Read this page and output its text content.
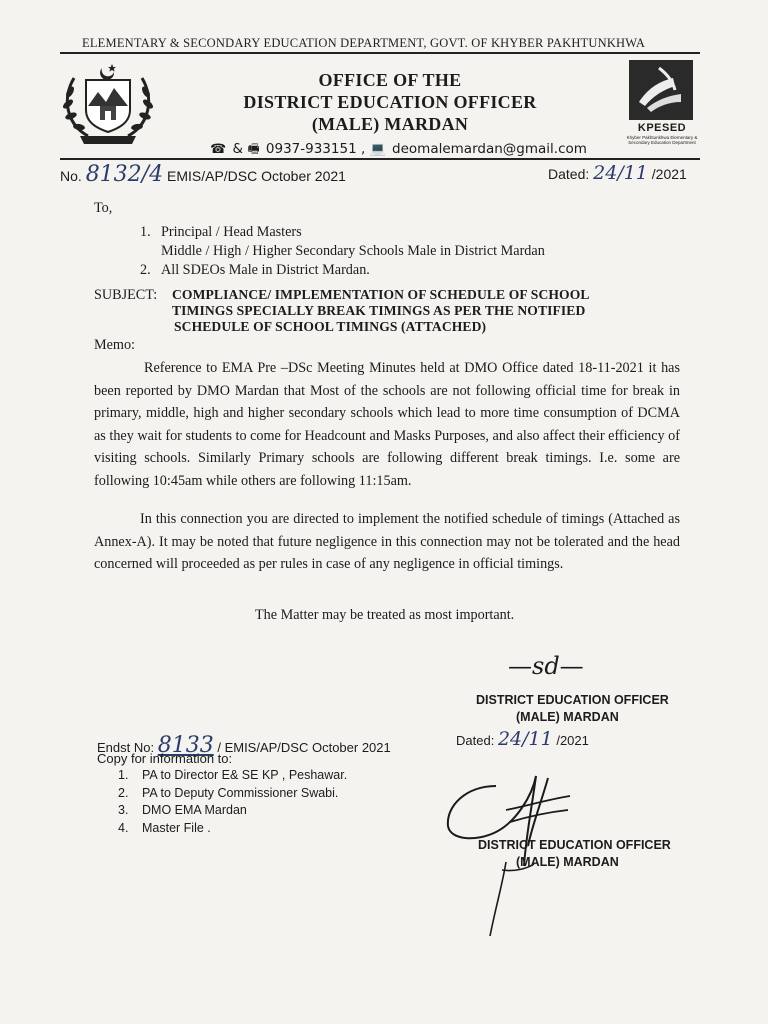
ELEMENTARY & SECONDARY EDUCATION DEPARTMENT, GOVT. OF KHYBER PAKHTUNKHWA
OFFICE OF THE
DISTRICT EDUCATION OFFICER
(MALE) MARDAN
☎ & 🖷 0937-933151 , 💻 deomalemardan@gmail.com
KPESED
Khyber Pakhtunkhwa Elementary & Secondary Education Department
No. 8132/4 EMIS/AP/DSC October 2021	Dated: 24/11 /2021
To,
1. Principal / Head Masters
Middle / High / Higher Secondary Schools Male in District Mardan
2. All SDEOs Male in District Mardan.
SUBJECT: COMPLIANCE/ IMPLEMENTATION OF SCHEDULE OF SCHOOL
TIMINGS SPECIALLY BREAK TIMINGS AS PER THE NOTIFIED
SCHEDULE OF SCHOOL TIMINGS (ATTACHED)
Memo:
Reference to EMA Pre –DSc Meeting Minutes held at DMO Office dated 18-11-2021 it has been reported by DMO Mardan that Most of the schools are not following official time for break in primary, middle, high and higher secondary schools which lead to more time consumption of DCMA as they wait for students to come for Headcount and Masks Purposes, and also affect their efficiency of visiting schools. Similarly Primary schools are following different break timings. I.e. some are following 10:45am while others are following 11:15am.
In this connection you are directed to implement the notified schedule of timings (Attached as Annex-A). It may be noted that future negligence in this connection may not be tolerated and the head concerned will proceeded as per rules in case of any negligence in official timings.
The Matter may be treated as most important.
—sd—
DISTRICT EDUCATION OFFICER
(MALE) MARDAN
Endst No: 8133 / EMIS/AP/DSC October 2021	Dated: 24/11 /2021
Copy for information to:
1. PA to Director E& SE KP , Peshawar.
2. PA to Deputy Commissioner Swabi.
3. DMO EMA Mardan
4. Master File .
DISTRICT EDUCATION OFFICER
(MALE) MARDAN
